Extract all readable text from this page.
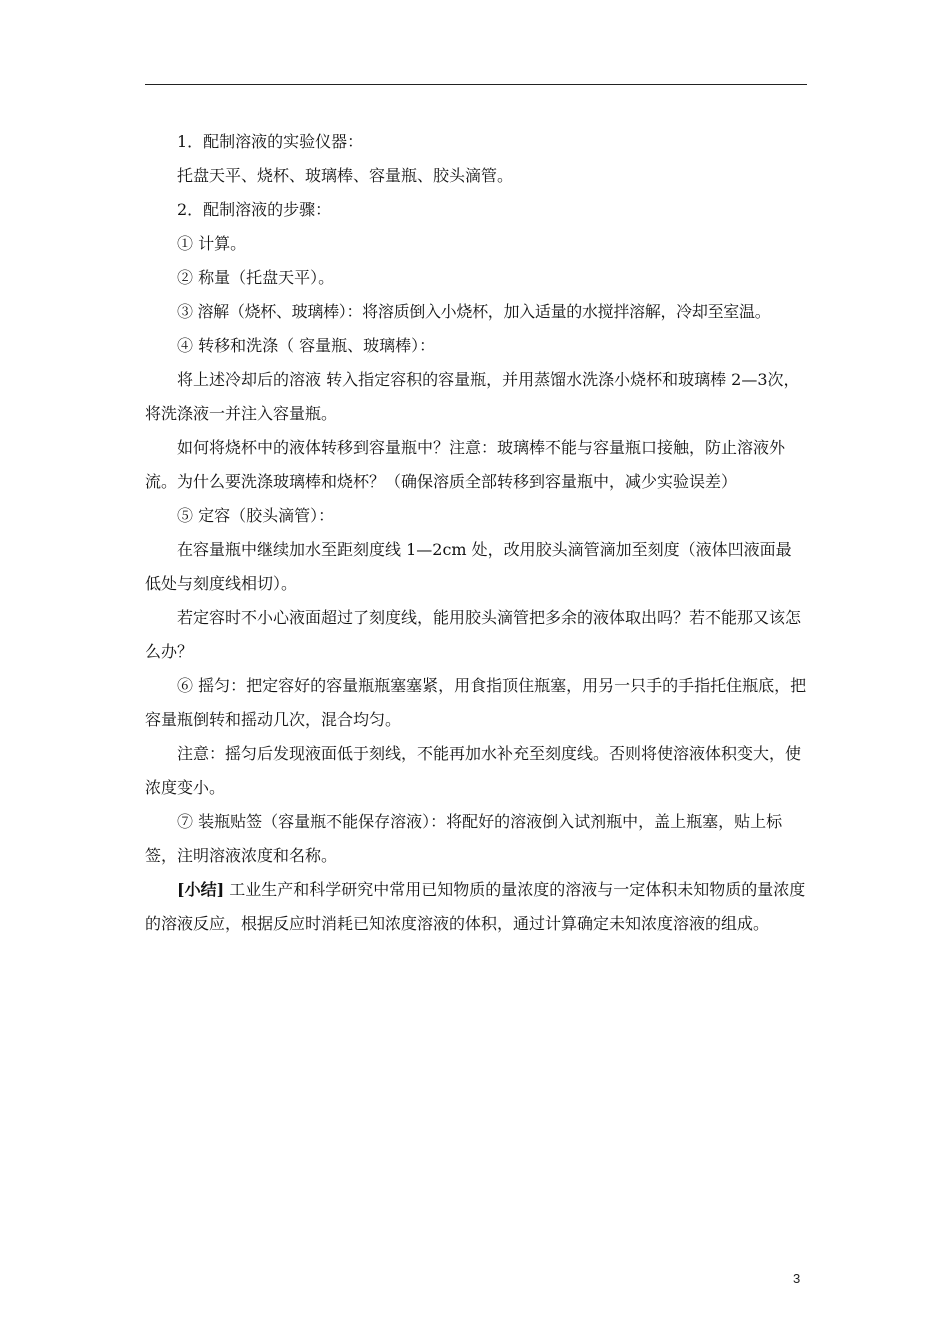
1．配制溶液的实验仪器：

托盘天平、烧杯、玻璃棒、容量瓶、胶头滴管。

2．配制溶液的步骤：

① 计算。

② 称量（托盘天平）。

③ 溶解（烧杯、玻璃棒）：将溶质倒入小烧杯，加入适量的水搅拌溶解，冷却至室温。

④ 转移和洗涤（ 容量瓶、玻璃棒）：

将上述冷却后的溶液 转入指定容积的容量瓶，并用蒸馏水洗涤小烧杯和玻璃棒 2—3次，将洗涤液一并注入容量瓶。

如何将烧杯中的液体转移到容量瓶中？注意：玻璃棒不能与容量瓶口接触，防止溶液外流。为什么要洗涤玻璃棒和烧杯？（确保溶质全部转移到容量瓶中，减少实验误差）

⑤ 定容（胶头滴管）：

在容量瓶中继续加水至距刻度线 1—2cm 处，改用胶头滴管滴加至刻度（液体凹液面最低处与刻度线相切）。

若定容时不小心液面超过了刻度线，能用胶头滴管把多余的液体取出吗？若不能那又该怎么办？

⑥ 摇匀：把定容好的容量瓶瓶塞塞紧，用食指顶住瓶塞，用另一只手的手指托住瓶底，把容量瓶倒转和摇动几次，混合均匀。

注意：摇匀后发现液面低于刻线，不能再加水补充至刻度线。否则将使溶液体积变大，使浓度变小。

⑦ 装瓶贴签（容量瓶不能保存溶液）：将配好的溶液倒入试剂瓶中，盖上瓶塞，贴上标签，注明溶液浓度和名称。

[小结] 工业生产和科学研究中常用已知物质的量浓度的溶液与一定体积未知物质的量浓度的溶液反应，根据反应时消耗已知浓度溶液的体积，通过计算确定未知浓度溶液的组成。

3
